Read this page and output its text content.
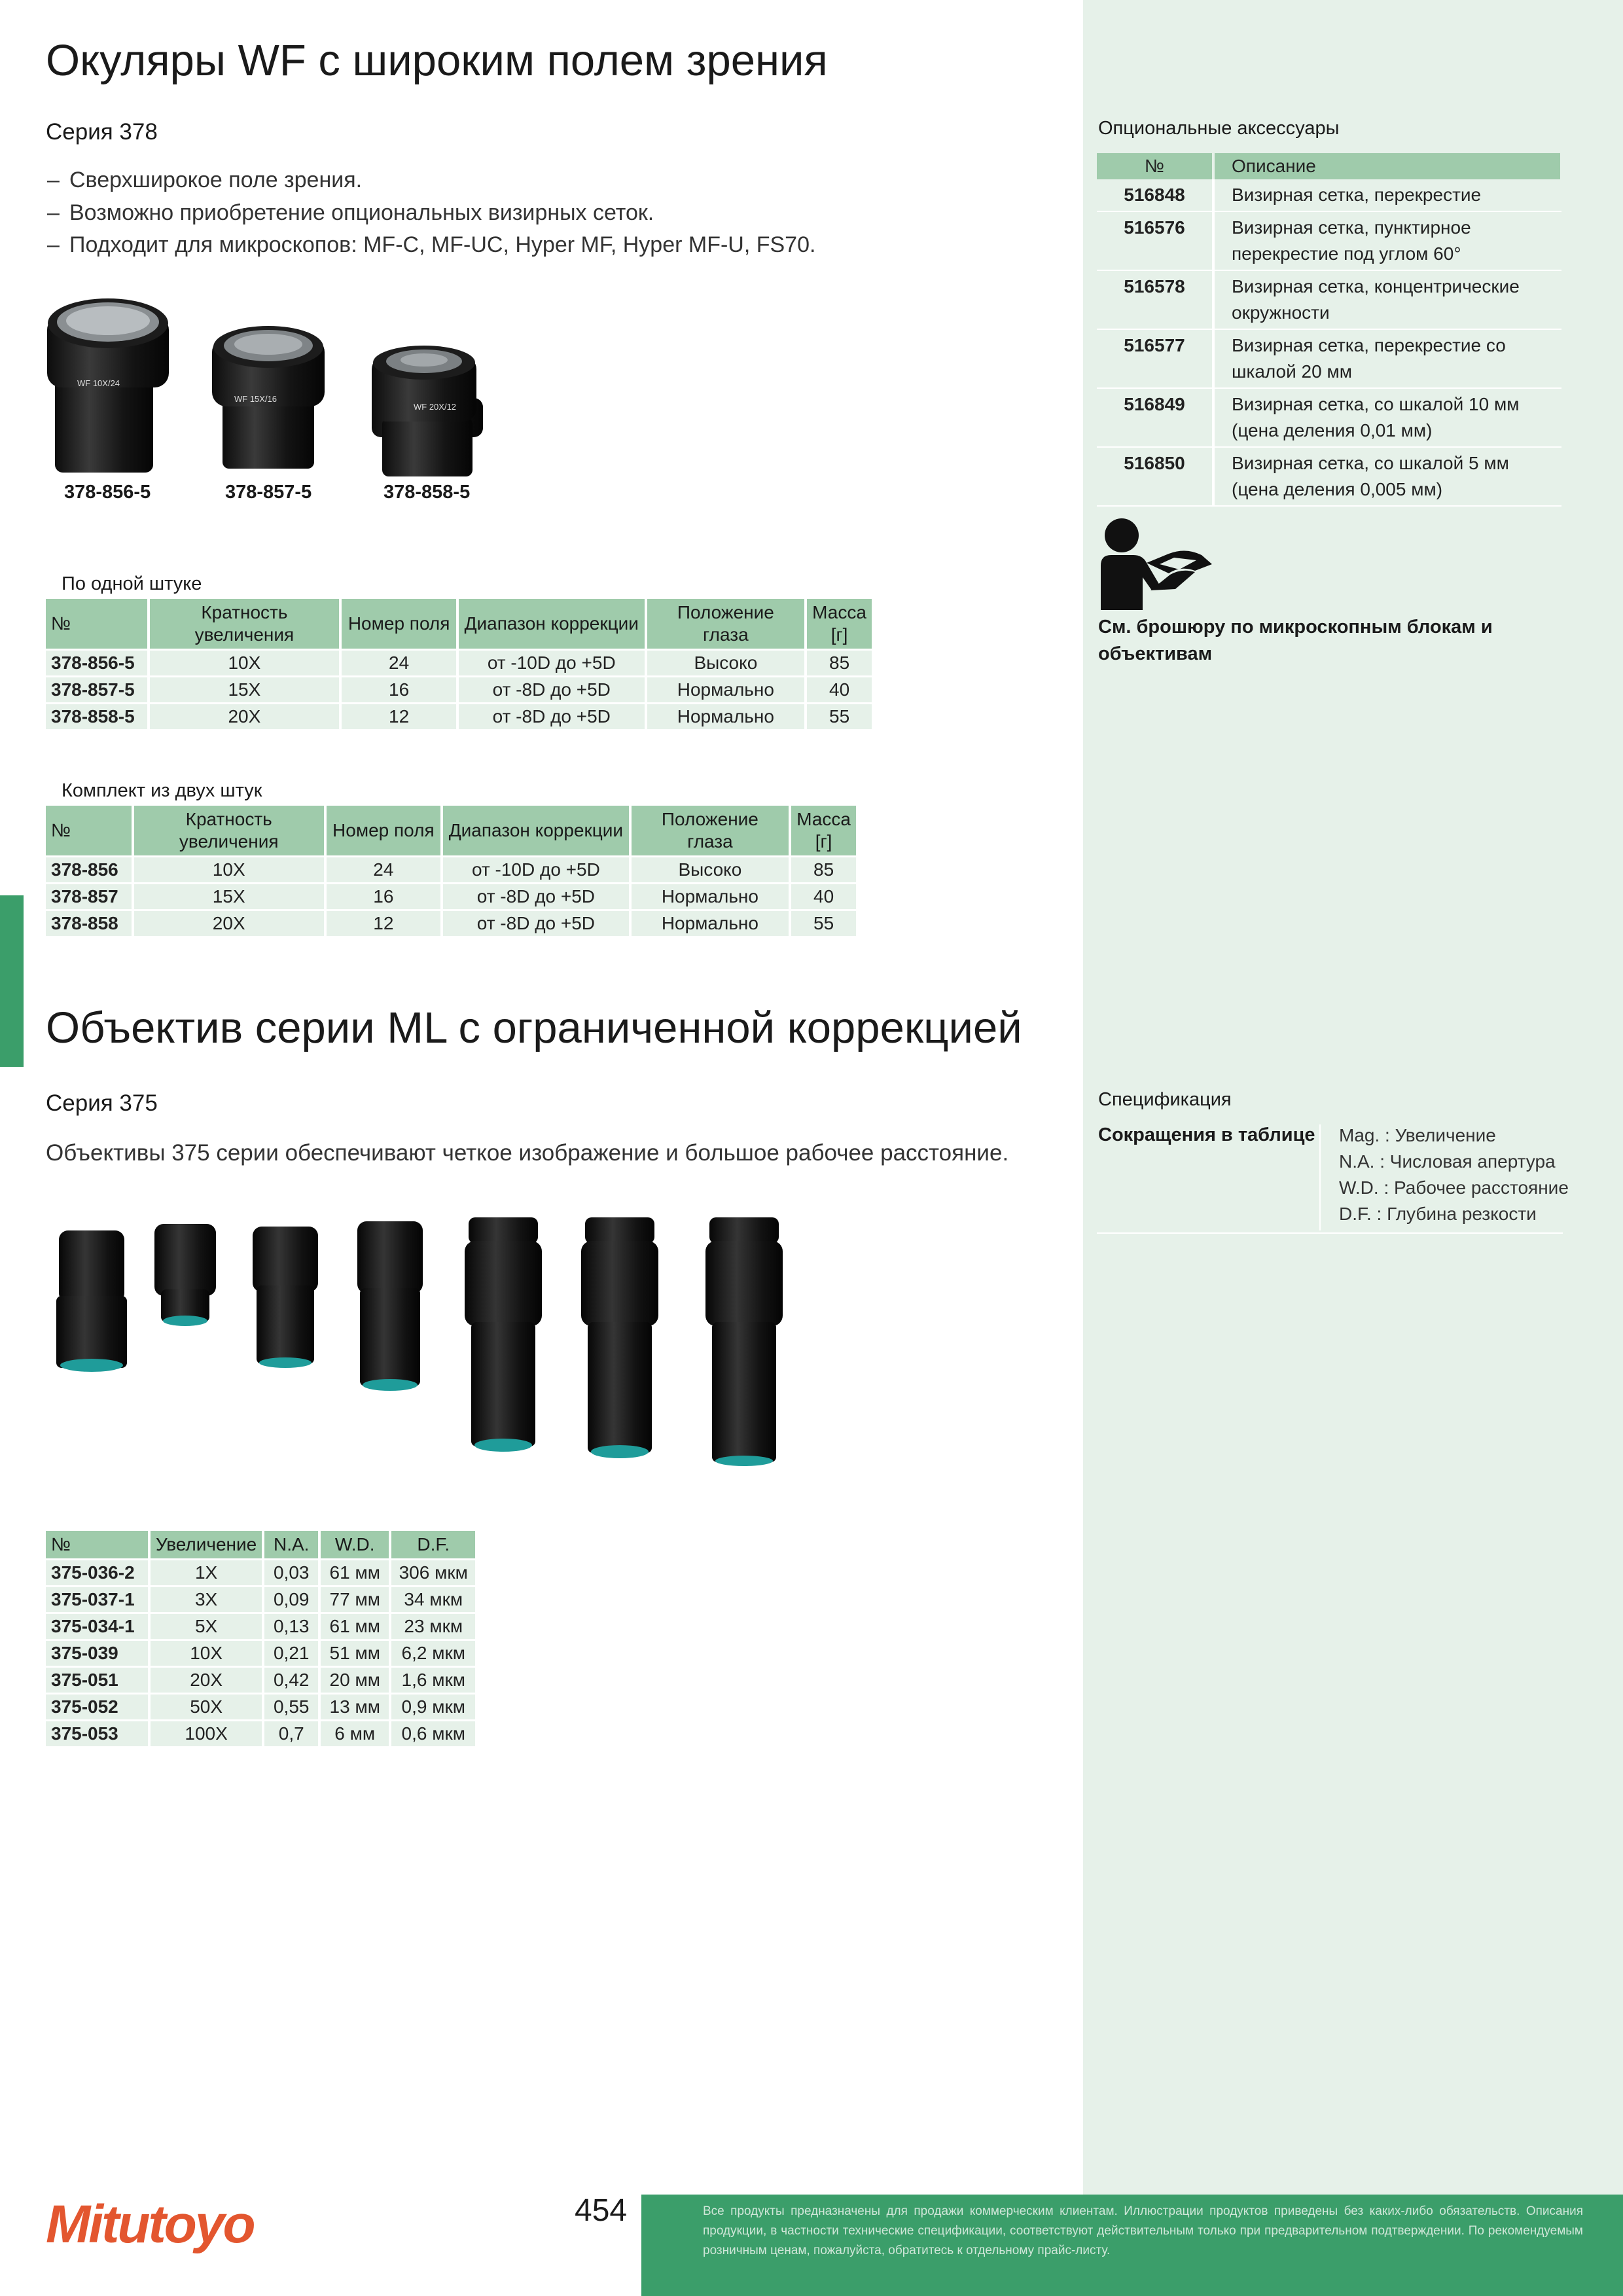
Окуляры WF с широким полем зрения
Серия 378
– Сверхширокое поле зрения.
– Возможно приобретение опциональных визирных сеток.
– Подходит для микроскопов: MF-C, MF-UC, Hyper MF, Hyper MF-U, FS70.
WF 10X/24
WF 15X/16
WF 20X/12
378-856-5	378-857-5	378-858-5
По одной штуке
№	Кратность увеличения	Номер поля	Диапазон коррекции	Положение глаза	Масса [г]
378-856-5	10X	24	от -10D до +5D	Высоко	85
378-857-5	15X	16	от -8D до +5D	Нормально	40
378-858-5	20X	12	от -8D до +5D	Нормально	55
Комплект из двух штук
№	Кратность увеличения	Номер поля	Диапазон коррекции	Положение глаза	Масса [г]
378-856	10X	24	от -10D до +5D	Высоко	85
378-857	15X	16	от -8D до +5D	Нормально	40
378-858	20X	12	от -8D до +5D	Нормально	55
Объектив серии ML с ограниченной коррекцией
Серия 375
Объективы 375 серии обеспечивают четкое изображение и большое рабочее расстояние.
№	Увеличение	N.A.	W.D.	D.F.
375-036-2	1X	0,03	61 мм	306 мкм
375-037-1	3X	0,09	77 мм	34 мкм
375-034-1	5X	0,13	61 мм	23 мкм
375-039	10X	0,21	51 мм	6,2 мкм
375-051	20X	0,42	20 мм	1,6 мкм
375-052	50X	0,55	13 мм	0,9 мкм
375-053	100X	0,7	6 мм	0,6 мкм
Опциональные аксессуары
№	Описание
516848	Визирная сетка, перекрестие
516576	Визирная сетка, пунктирное перекрестие под углом 60°
516578	Визирная сетка, концентрические окружности
516577	Визирная сетка, перекрестие со шкалой 20 мм
516849	Визирная сетка, со шкалой 10 мм (цена деления 0,01 мм)
516850	Визирная сетка, со шкалой 5 мм (цена деления 0,005 мм)
См. брошюру по микроскопным блокам и объективам
Спецификация
Сокращения в таблице Mag. : Увеличение
N.A. : Числовая апертура
W.D. : Рабочее расстояние
D.F. : Глубина резкости
Все продукты предназначены для продажи коммерческим клиентам. Иллюстрации продуктов приведены без каких-либо обязательств. Описания продукции, в частности технические спецификации, соответствуют действительным только при предварительном подтверждении. По рекомендуемым розничным ценам, пожалуйста, обратитесь к отдельному прайс-листу.
454
Mitutoyo
